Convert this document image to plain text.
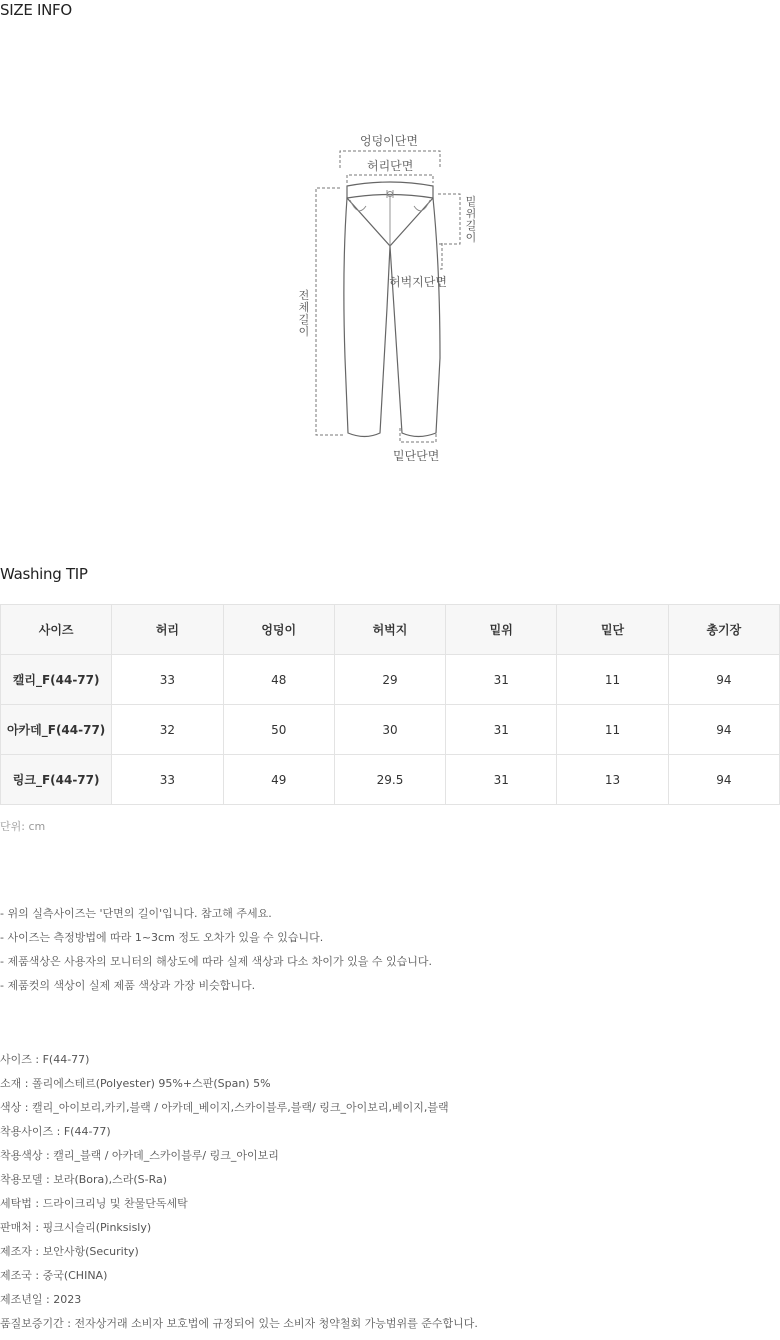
SIZE INFO
엉덩이단면
허리단면
밑위길이
허벅지단면
전체길이
밑단단면
Washing TIP
사이즈	허리	엉덩이	허벅지	밑위	밑단	총기장
캘리_F(44-77)	33	48	29	31	11	94
아카데_F(44-77)	32	50	30	31	11	94
링크_F(44-77)	33	49	29.5	31	13	94
단위: cm
- 위의 실측사이즈는 '단면의 길이'입니다. 참고해 주세요.
- 사이즈는 측정방법에 따라 1~3cm 정도 오차가 있을 수 있습니다.
- 제품색상은 사용자의 모니터의 해상도에 따라 실제 색상과 다소 차이가 있을 수 있습니다.
- 제품컷의 색상이 실제 제품 색상과 가장 비슷합니다.
사이즈 : F(44-77)
소재 : 폴리에스테르(Polyester) 95%+스판(Span) 5%
색상 : 캘리_아이보리,카키,블랙 / 아카데_베이지,스카이블루,블랙/ 링크_아이보리,베이지,블랙
착용사이즈 : F(44-77)
착용색상 : 캘리_블랙 / 아카데_스카이블루/ 링크_아이보리
착용모델 : 보라(Bora),스라(S-Ra)
세탁법 : 드라이크리닝 및 찬물단독세탁
판매처 : 핑크시슬리(Pinksisly)
제조자 : 보안사항(Security)
제조국 : 중국(CHINA)
제조년일 : 2023
품질보증기간 : 전자상거래 소비자 보호법에 규정되어 있는 소비자 청약철회 가능범위를 준수합니다.
